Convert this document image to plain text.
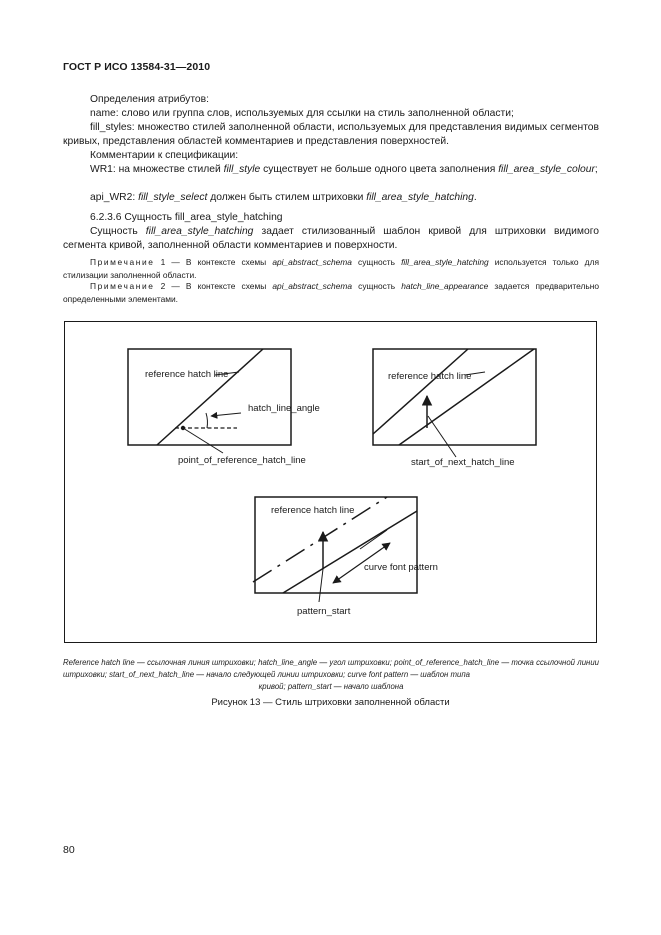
ГОСТ Р ИСО 13584-31—2010
Определения атрибутов:
name: слово или группа слов, используемых для ссылки на стиль заполненной области;
fill_styles: множество стилей заполненной области, используемых для представления видимых сегментов кривых, представления областей комментариев и представления поверхностей.
Комментарии к спецификации:
WR1: на множестве стилей fill_style существует не больше одного цвета заполнения fill_area_style_colour;
api_WR2: fill_style_select должен быть стилем штриховки fill_area_style_hatching.
6.2.3.6 Сущность fill_area_style_hatching
Сущность fill_area_style_hatching задает стилизованный шаблон кривой для штриховки видимого сегмента кривой, заполненной области комментариев и поверхности.
Примечание 1 — В контексте схемы api_abstract_schema сущность fill_area_style_hatching используется только для стилизации заполненной области.
Примечание 2 — В контексте схемы api_abstract_schema сущность hatch_line_appearance задается предварительно определенными элементами.
reference hatch line
hatch_line_angle
point_of_reference_hatch_line
reference hatch line
start_of_next_hatch_line
reference hatch line
curve font pattern
pattern_start
Reference hatch line — ссылочная линия штриховки; hatch_line_angle — угол штриховки; point_of_reference_hatch_line — точка ссылочной линии штриховки; start_of_next_hatch_line — начало следующей линии штриховки; curve font pattern — шаблон типа
кривой; pattern_start — начало шаблона
Рисунок 13 — Стиль штриховки заполненной области
80
